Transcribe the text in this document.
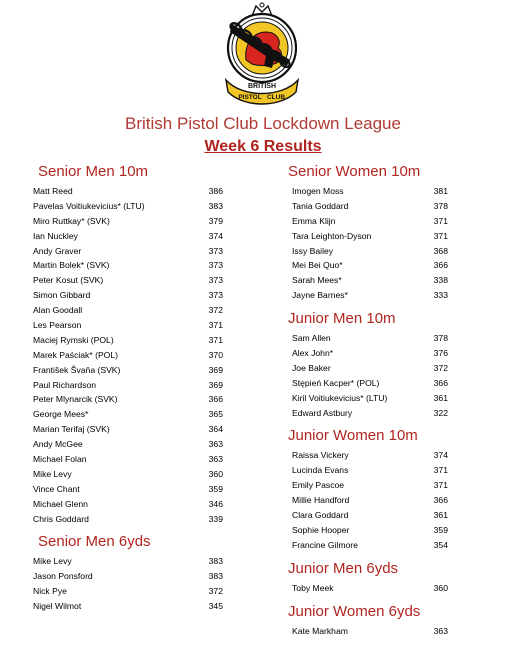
BRITISH
PISTOL CLUB
British Pistol Club Lockdown League
Week 6 Results
Senior Men 10m
Matt Reed	386
Pavelas Voitiukevicius* (LTU)	383
Miro Ruttkay* (SVK)	379
Ian Nuckley	374
Andy Graver	373
Martin Bolek* (SVK)	373
Peter Kosut (SVK)	373
Simon Gibbard	373
Alan Goodall	372
Les Pearson	371
Maciej Rymski (POL)	371
Marek Paściak* (POL)	370
František Švaňa (SVK)	369
Paul Richardson	369
Peter Mlynarcik (SVK)	366
George Mees*	365
Marian Terifaj (SVK)	364
Andy McGee	363
Michael Folan	363
Mike Levy	360
Vince Chant	359
Michael Glenn	346
Chris Goddard	339
Senior Men 6yds
Mike Levy	383
Jason Ponsford	383
Nick Pye	372
Nigel Wilmot	345
Senior Women 10m
Imogen Moss	381
Tania Goddard	378
Emma Klijn	371
Tara Leighton-Dyson	371
Issy Bailey	368
Mei Bei Quo*	366
Sarah Mees*	338
Jayne Barnes*	333
Junior Men 10m
Sam Allen	378
Alex John*	376
Joe Baker	372
Stępień Kacper* (POL)	366
Kiril Voitiukevicius* (LTU)	361
Edward Astbury	322
Junior Women 10m
Raissa Vickery	374
Lucinda Evans	371
Emily Pascoe	371
Millie Handford	366
Clara Goddard	361
Sophie Hooper	359
Francine Gilmore	354
Junior Men 6yds
Toby Meek	360
Junior Women 6yds
Kate Markham	363
